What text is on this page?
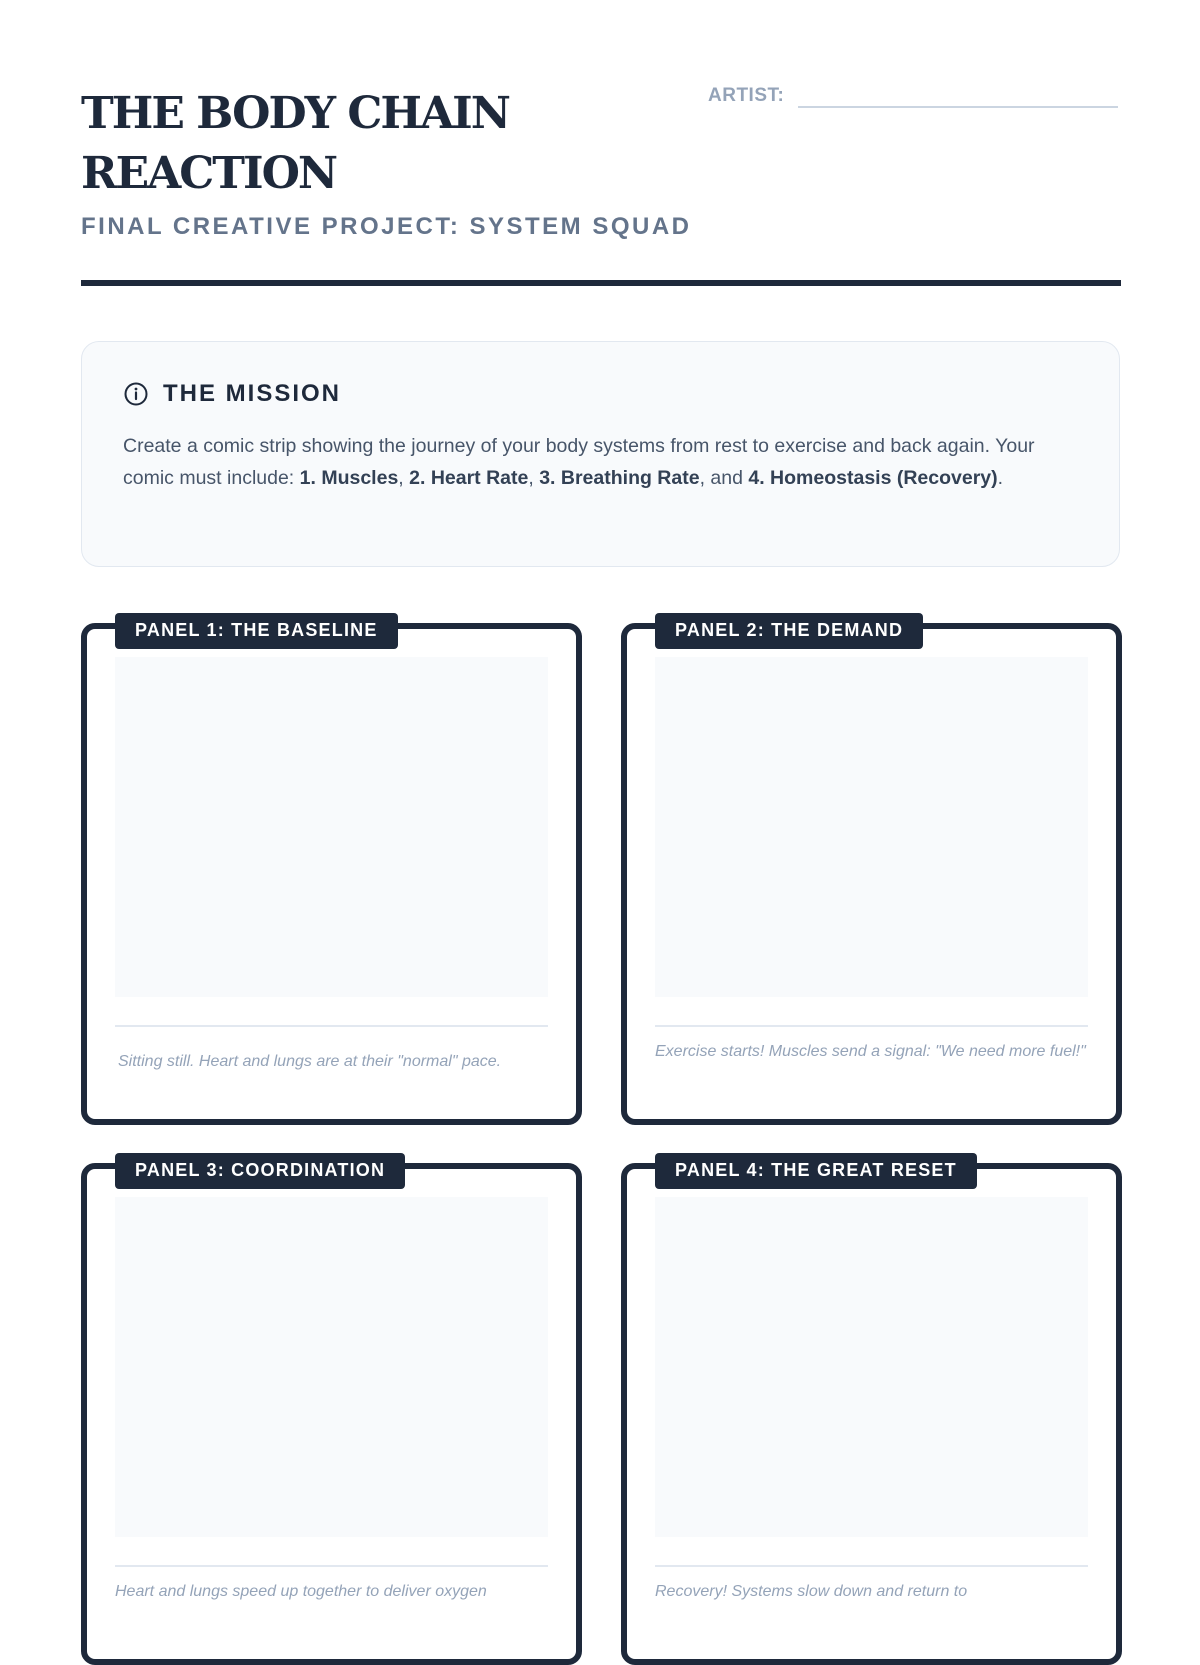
THE BODY CHAIN REACTION
FINAL CREATIVE PROJECT: SYSTEM SQUAD
ARTIST:
THE MISSION

Create a comic strip showing the journey of your body systems from rest to exercise and back again. Your comic must include: 1. Muscles, 2. Heart Rate, 3. Breathing Rate, and 4. Homeostasis (Recovery).

PANEL 1: THE BASELINE
Sitting still. Heart and lungs are at their "normal" pace.
PANEL 2: THE DEMAND
Exercise starts! Muscles send a signal: "We need more fuel!"
PANEL 3: COORDINATION
Heart and lungs speed up together to deliver oxygen
PANEL 4: THE GREAT RESET
Recovery! Systems slow down and return to
